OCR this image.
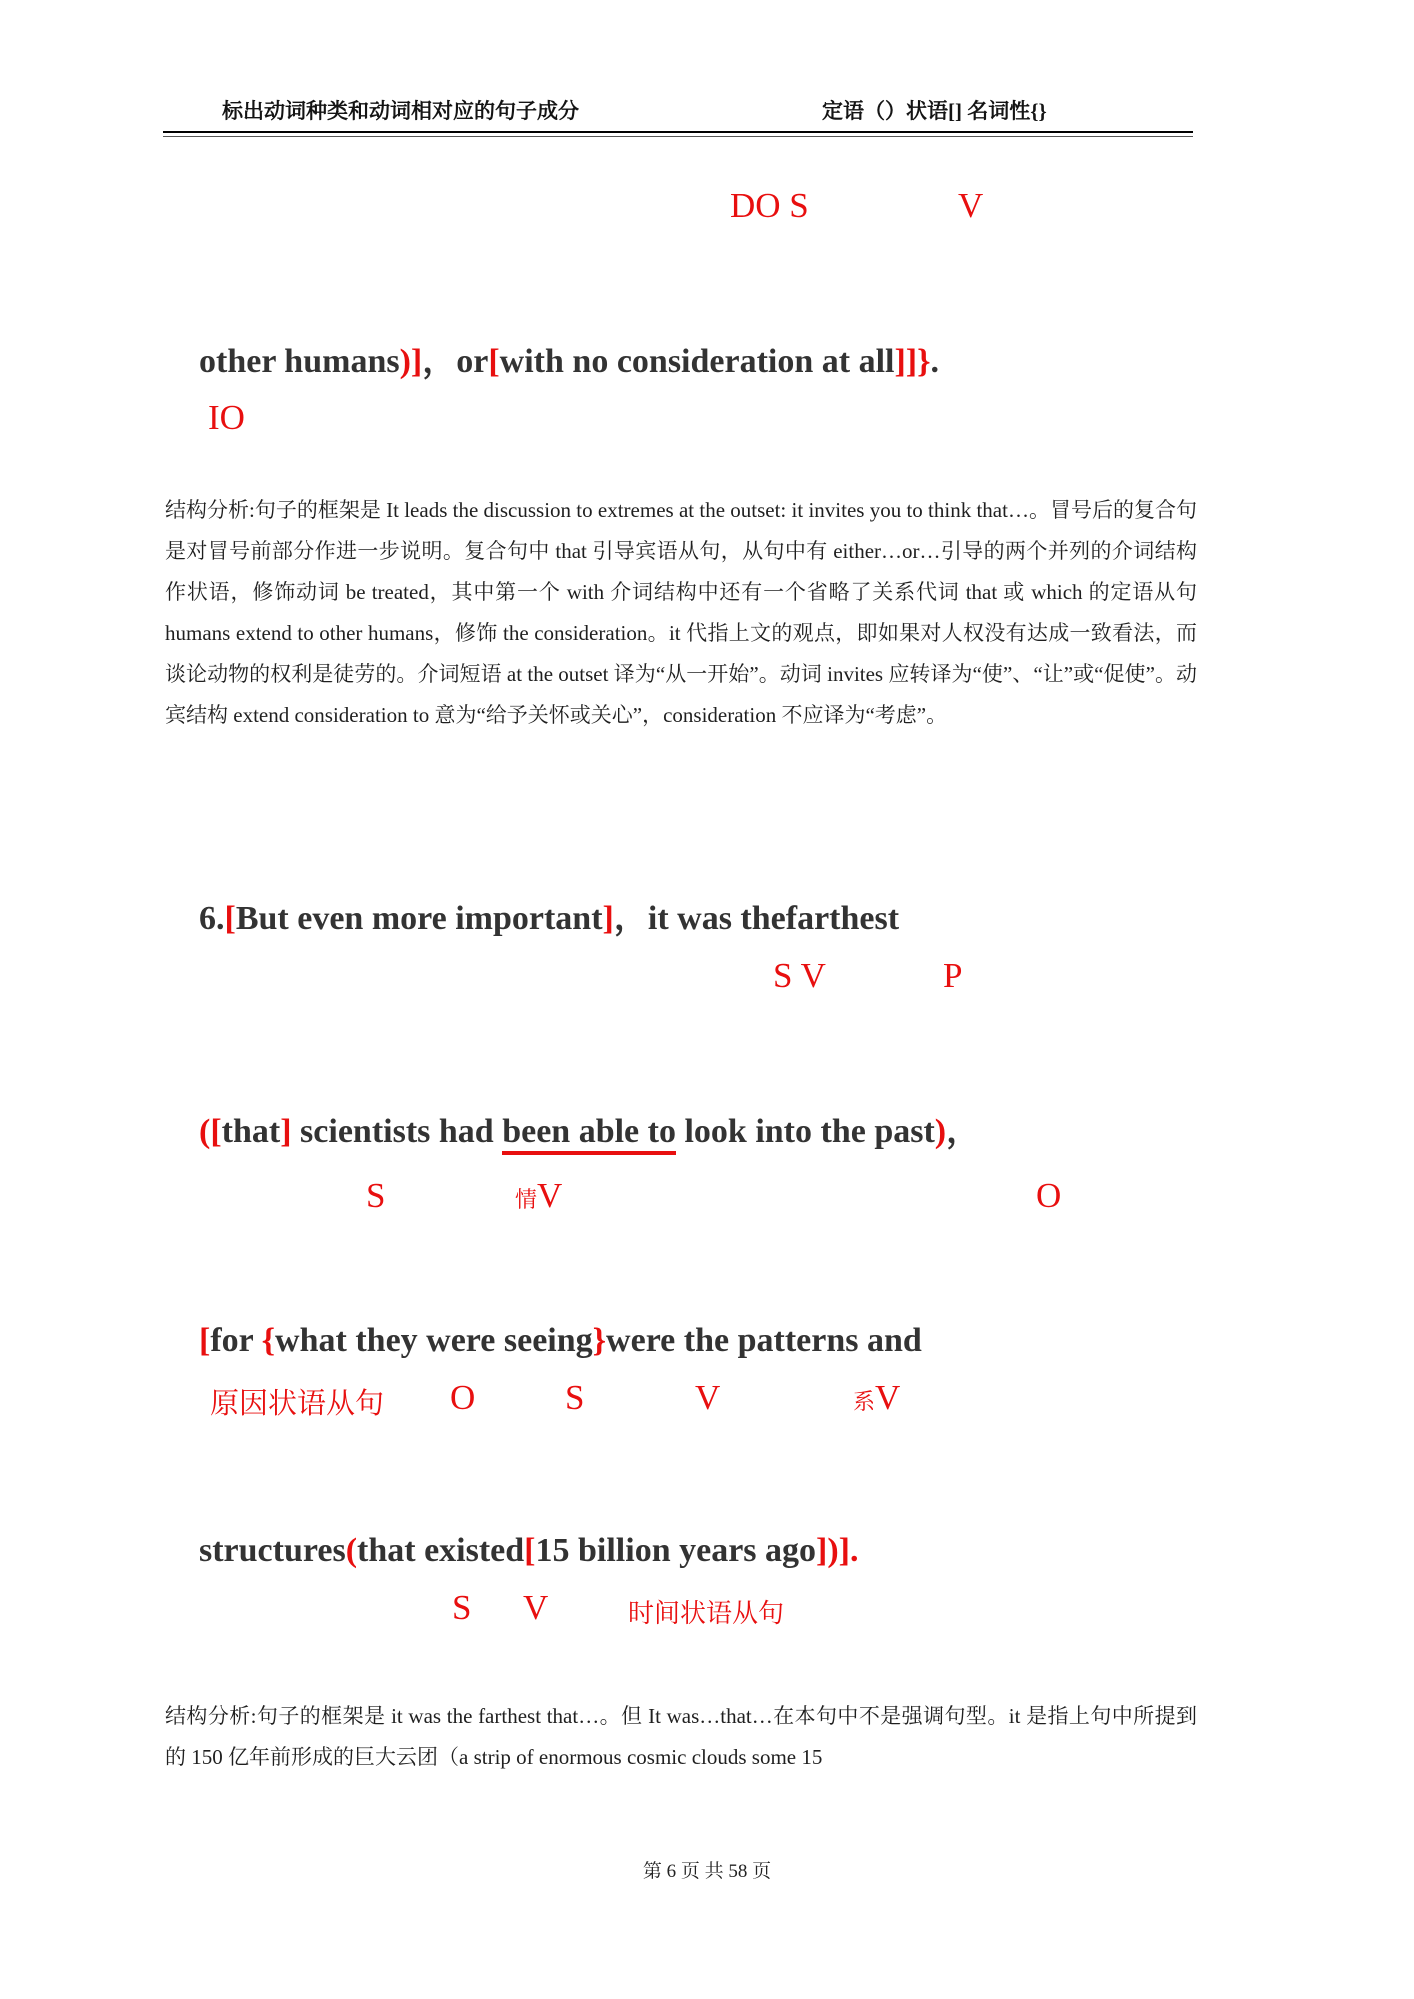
标出动词种类和动词相对应的句子成分	定语（）状语[] 名词性{}
DO S	V

other humans)]，or[with no consideration at all]]}.

IO
结构分析:句子的框架是 It leads the discussion to extremes at the outset: it invites you to think that…。冒号后的复合句是对冒号前部分作进一步说明。复合句中 that 引导宾语从句，从句中有 either…or…引导的两个并列的介词结构作状语，修饰动词 be treated，其中第一个 with 介词结构中还有一个省略了关系代词 that 或 which 的定语从句 humans extend to other humans，修饰 the consideration。it 代指上文的观点，即如果对人权没有达成一致看法，而谈论动物的权利是徒劳的。介词短语 at the outset 译为“从一开始”。动词 invites 应转译为“使”、“让”或“促使”。动宾结构 extend consideration to 意为“给予关怀或关心”，consideration 不应译为“考虑”。

6.[But even more important]，it was thefarthest

S V	P

([that] scientists had been able to look into the past)，

S	情V	O

[for {what they were seeing}were the patterns and

原因状语从句 O	S	V	系V

structures(that existed[15 billion years ago])].

S V	时间状语从句
结构分析:句子的框架是 it was the farthest that…。但 It was…that…在本句中不是强调句型。it 是指上句中所提到的 150 亿年前形成的巨大云团（a strip of enormous cosmic clouds some 15
第 6 页 共 58 页
